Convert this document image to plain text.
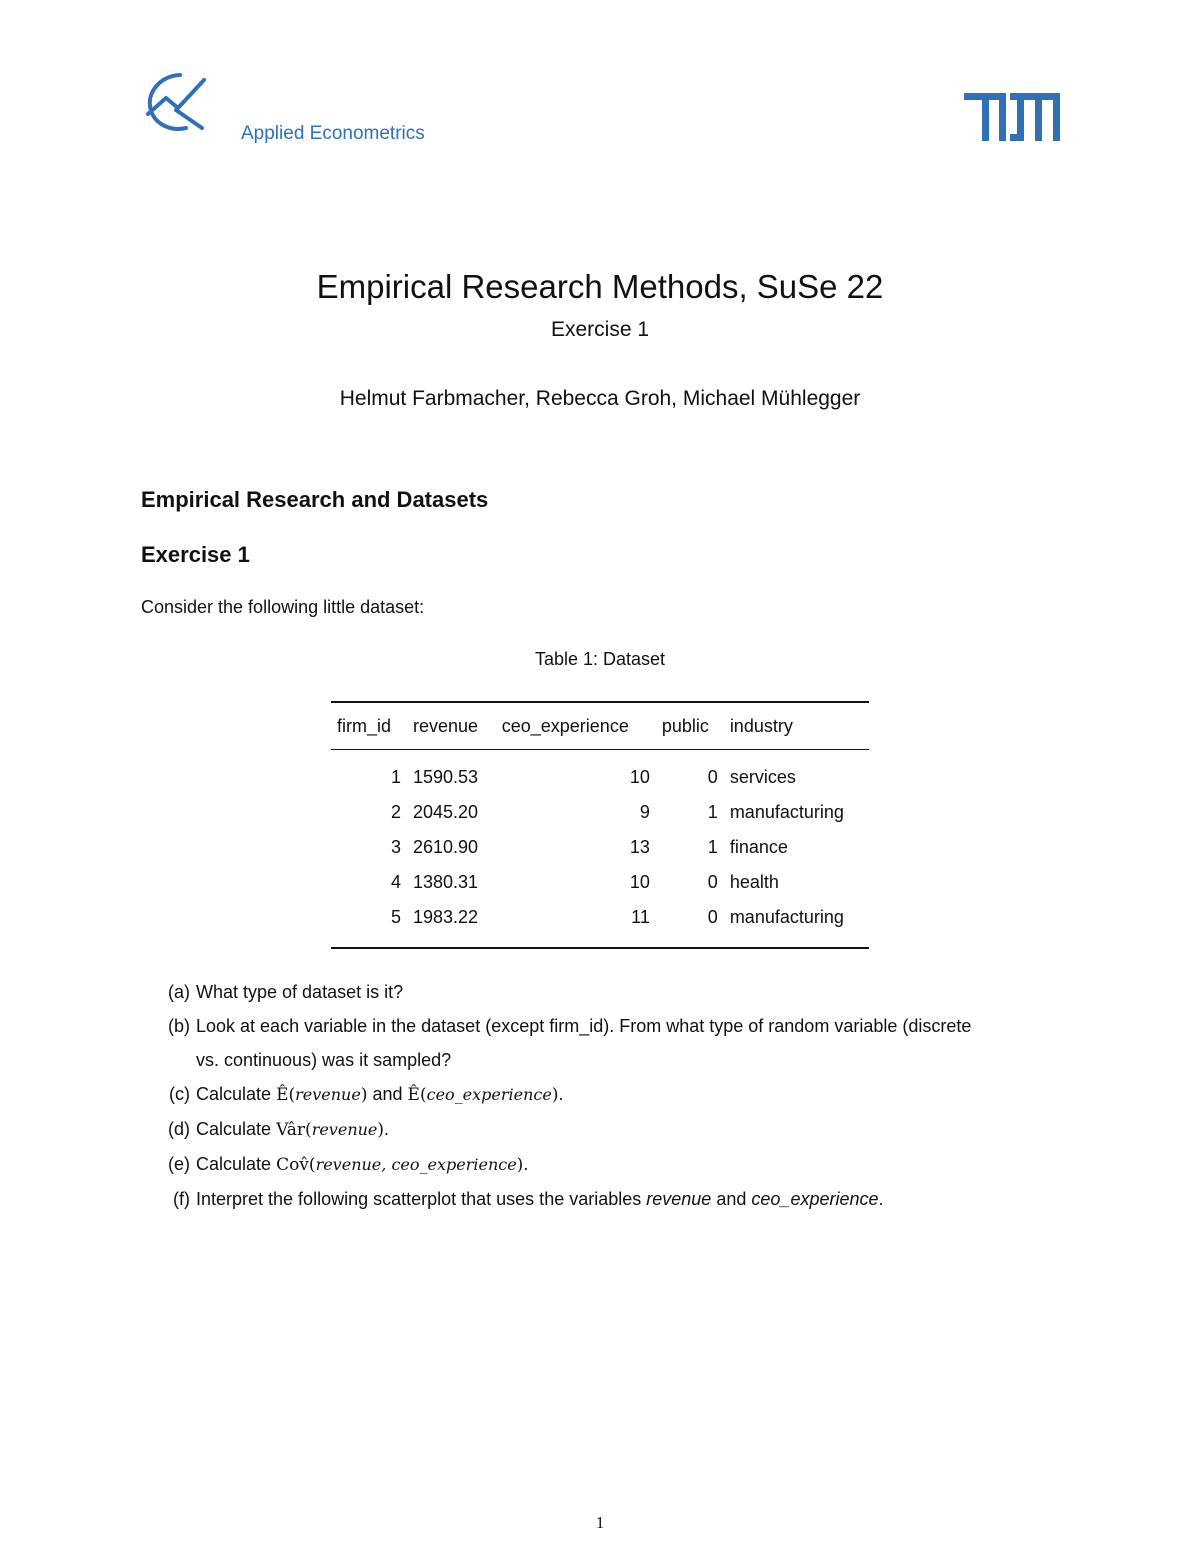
Applied Econometrics
Empirical Research Methods, SuSe 22
Exercise 1
Helmut Farbmacher, Rebecca Groh, Michael Mühlegger
Empirical Research and Datasets
Exercise 1
Consider the following little dataset:
Table 1: Dataset
firm_id	revenue	ceo_experience	public	industry
1	1590.53	10	0	services
2	2045.20	9	1	manufacturing
3	2610.90	13	1	finance
4	1380.31	10	0	health
5	1983.22	11	0	manufacturing
(a) What type of dataset is it?
(b) Look at each variable in the dataset (except firm_id). From what type of random variable (discrete
vs. continuous) was it sampled?
(c) Calculate Ê(revenue) and Ê(ceo_experience).
(d) Calculate Vâr(revenue).
(e) Calculate Cov̂(revenue, ceo_experience).
(f) Interpret the following scatterplot that uses the variables revenue and ceo_experience.
1
